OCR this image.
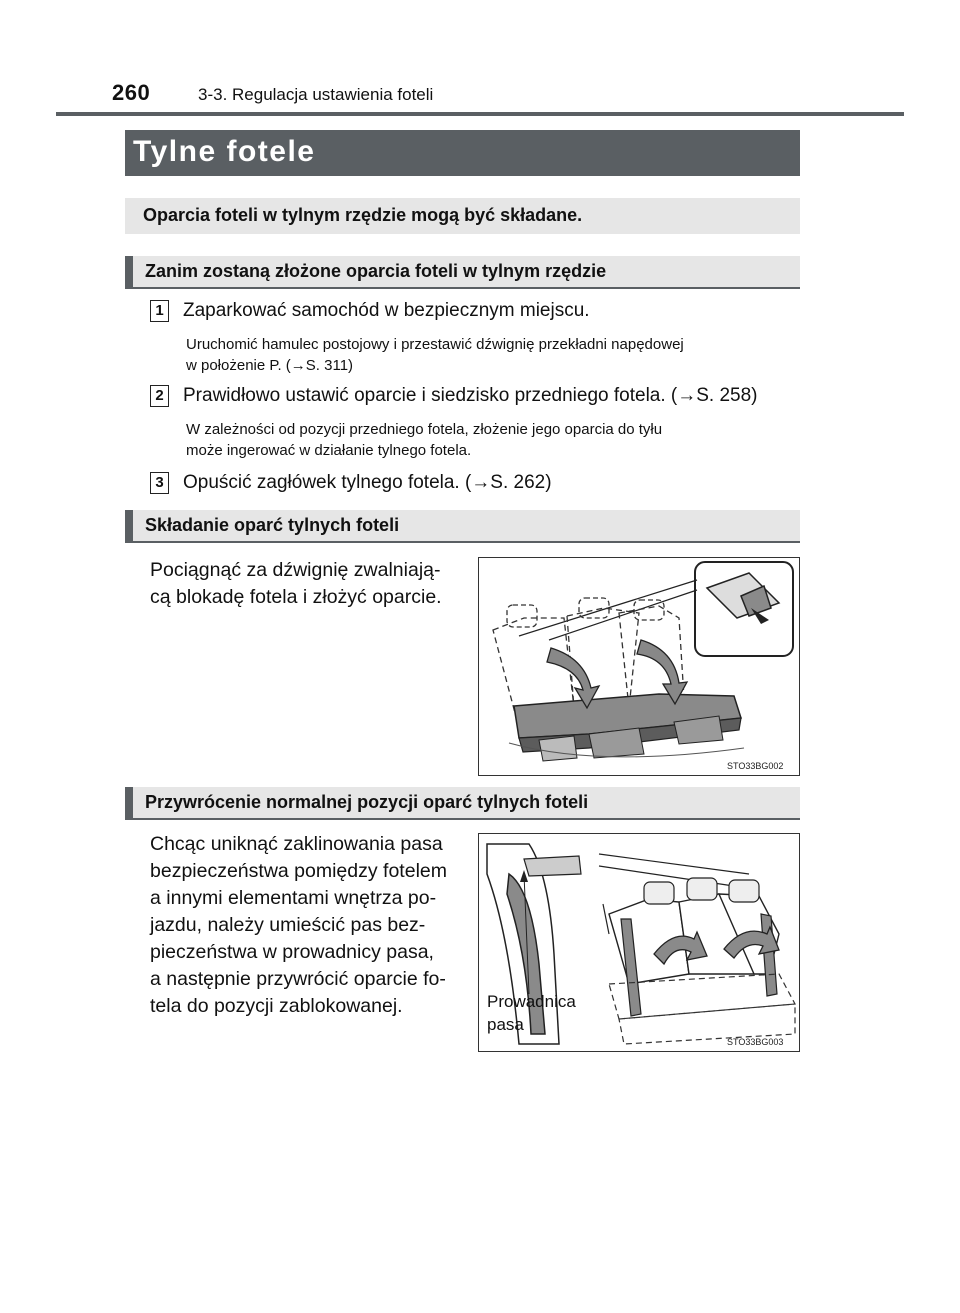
260	3-3. Regulacja ustawienia foteli
Tylne fotele
Oparcia foteli w tylnym rzędzie mogą być składane.
Zanim zostaną złożone oparcia foteli w tylnym rzędzie
1 Zaparkować samochód w bezpiecznym miejscu.
Uruchomić hamulec postojowy i przestawić dźwignię przekładni napędowej
w położenie P. (→S. 311)
2 Prawidłowo ustawić oparcie i siedzisko przedniego fotela. (→S. 258)
W zależności od pozycji przedniego fotela, złożenie jego oparcia do tyłu
może ingerować w działanie tylnego fotela.
3 Opuścić zagłówek tylnego fotela. (→S. 262)
Składanie oparć tylnych foteli
Pociągnąć za dźwignię zwalniają-
cą blokadę fotela i złożyć oparcie.
STO33BG002
Przywrócenie normalnej pozycji oparć tylnych foteli
Chcąc uniknąć zaklinowania pasa
bezpieczeństwa pomiędzy fotelem
a innymi elementami wnętrza po-
jazdu, należy umieścić pas bez-
pieczeństwa w prowadnicy pasa,
a następnie przywrócić oparcie fo-
tela do pozycji zablokowanej.	Prowadnica
pasa
STO33BG003
